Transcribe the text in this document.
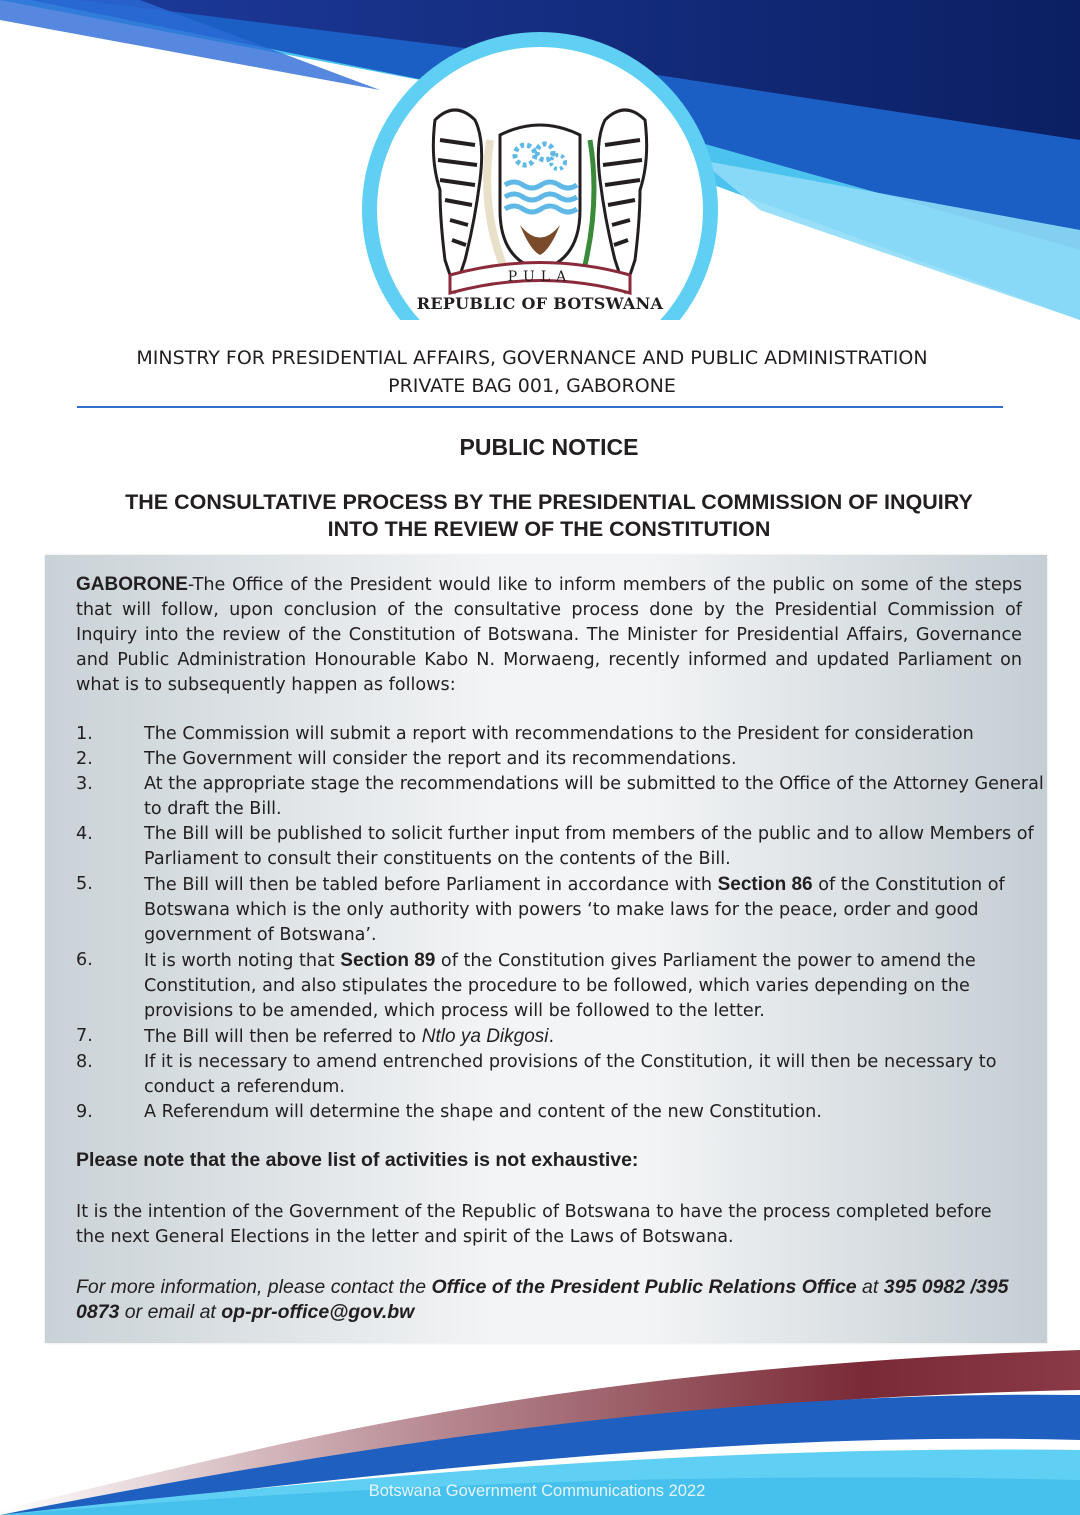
PULA
REPUBLIC OF BOTSWANA
MINSTRY FOR PRESIDENTIAL AFFAIRS, GOVERNANCE AND PUBLIC ADMINISTRATION
PRIVATE BAG 001, GABORONE
PUBLIC NOTICE
THE CONSULTATIVE PROCESS BY THE PRESIDENTIAL COMMISSION OF INQUIRY
INTO THE REVIEW OF THE CONSTITUTION
GABORONE-The Office of the President would like to inform members of the public on some of the steps that will follow, upon conclusion of the consultative process done by the Presidential Commission of Inquiry into the review of the Constitution of Botswana. The Minister for Presidential Affairs, Governance and Public Administration Honourable Kabo N. Morwaeng, recently informed and updated Parliament on what is to subsequently happen as follows:
1.	The Commission will submit a report with recommendations to the President for consideration
2.	The Government will consider the report and its recommendations.
3.	At the appropriate stage the recommendations will be submitted to the Office of the Attorney General to draft the Bill.
4.	The Bill will be published to solicit further input from members of the public and to allow Members of Parliament to consult their constituents on the contents of the Bill.
5.	The Bill will then be tabled before Parliament in accordance with Section 86 of the Constitution of Botswana which is the only authority with powers ‘to make laws for the peace, order and good government of Botswana’.
6.	It is worth noting that Section 89 of the Constitution gives Parliament the power to amend the Constitution, and also stipulates the procedure to be followed, which varies depending on the provisions to be amended, which process will be followed to the letter.
7.	The Bill will then be referred to Ntlo ya Dikgosi.
8.	If it is necessary to amend entrenched provisions of the Constitution, it will then be necessary to conduct a referendum.
9.	A Referendum will determine the shape and content of the new Constitution.
Please note that the above list of activities is not exhaustive:
It is the intention of the Government of the Republic of Botswana to have the process completed before the next General Elections in the letter and spirit of the Laws of Botswana.
For more information, please contact the Office of the President Public Relations Office at 395 0982 /395 0873 or email at op-pr-office@gov.bw
Botswana Government Communications 2022
